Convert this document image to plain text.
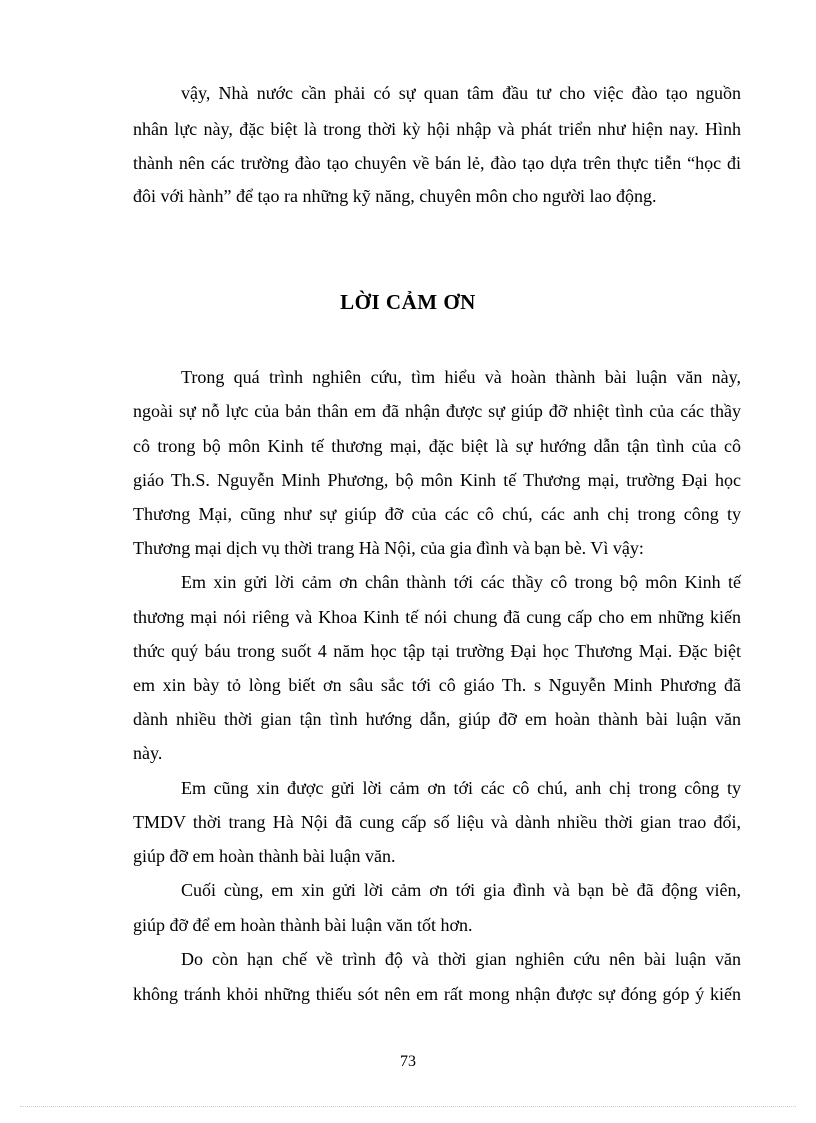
vậy, Nhà nước cần phải có sự quan tâm đầu tư cho việc đào tạo nguồn
nhân lực này, đặc biệt là trong thời kỳ hội nhập và phát triển như hiện nay. Hình
thành nên các trường đào tạo chuyên về bán lẻ, đào tạo dựa trên thực tiễn “học đi
đôi với hành” để tạo ra những kỹ năng, chuyên môn cho người lao động.
LỜI CẢM ƠN
Trong quá trình nghiên cứu, tìm hiểu và hoàn thành bài luận văn này,
ngoài sự nỗ lực của bản thân em đã nhận được sự giúp đỡ nhiệt tình của các thầy
cô trong bộ môn Kinh tế thương mại, đặc biệt là sự hướng dẫn tận tình của cô
giáo Th.S. Nguyễn Minh Phương, bộ môn Kinh tế Thương mại, trường Đại học
Thương Mại, cũng như sự giúp đỡ của các cô chú, các anh chị trong công ty
Thương mại dịch vụ thời trang Hà Nội, của gia đình và bạn bè. Vì vậy:
Em xin gửi lời cảm ơn chân thành tới các thầy cô trong bộ môn Kinh tế
thương mại nói riêng và Khoa Kinh tế nói chung đã cung cấp cho em những kiến
thức quý báu trong suốt 4 năm học tập tại trường Đại học Thương Mại. Đặc biệt
em xin bày tỏ lòng biết ơn sâu sắc tới cô giáo Th. s Nguyễn Minh Phương đã
dành nhiều thời gian tận tình hướng dẫn, giúp đỡ em hoàn thành bài luận văn
này.
Em cũng xin được gửi lời cảm ơn tới các cô chú, anh chị trong công ty
TMDV thời trang Hà Nội đã cung cấp số liệu và dành nhiều thời gian trao đổi,
giúp đỡ em hoàn thành bài luận văn.
Cuối cùng, em xin gửi lời cảm ơn tới gia đình và bạn bè đã động viên,
giúp đỡ để em hoàn thành bài luận văn tốt hơn.
Do còn hạn chế về trình độ và thời gian nghiên cứu nên bài luận văn
không tránh khỏi những thiếu sót nên em rất mong nhận được sự đóng góp ý kiến
73
